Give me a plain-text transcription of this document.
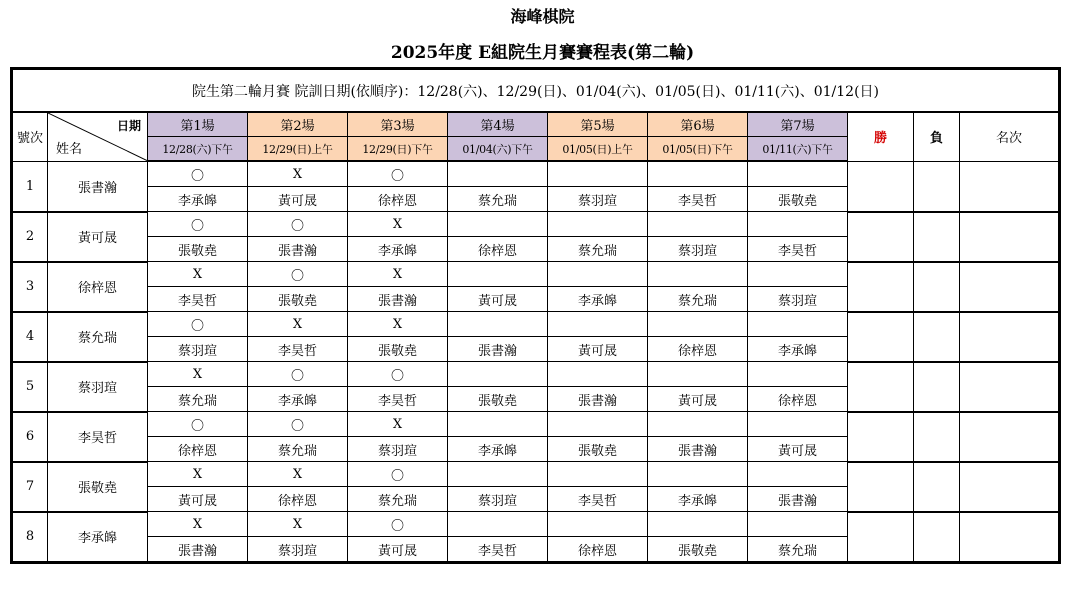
海峰棋院
2025年度 E組院生月賽賽程表(第二輪)
院生第二輪月賽 院訓日期(依順序)：12/28(六)、12/29(日)、01/04(六)、01/05(日)、01/11(六)、01/12(日)											
號次	日期
姓名	第1場	第2場	第3場	第4場	第5場	第6場	第7場	勝	負	名次
		12/28(六)下午	12/29(日)上午	12/29(日)下午	01/04(六)下午	01/05(日)上午	01/05(日)下午	01/11(六)下午			
1	張書瀚	〇	X	〇							
		李承皞	黃可晟	徐梓恩	蔡允瑞	蔡羽瑄	李昊哲	張敬堯			
2	黃可晟	〇	〇	X							
		張敬堯	張書瀚	李承皞	徐梓恩	蔡允瑞	蔡羽瑄	李昊哲			
3	徐梓恩	X	〇	X							
		李昊哲	張敬堯	張書瀚	黃可晟	李承皞	蔡允瑞	蔡羽瑄			
4	蔡允瑞	〇	X	X							
		蔡羽瑄	李昊哲	張敬堯	張書瀚	黃可晟	徐梓恩	李承皞			
5	蔡羽瑄	X	〇	〇							
		蔡允瑞	李承皞	李昊哲	張敬堯	張書瀚	黃可晟	徐梓恩			
6	李昊哲	〇	〇	X							
		徐梓恩	蔡允瑞	蔡羽瑄	李承皞	張敬堯	張書瀚	黃可晟			
7	張敬堯	X	X	〇							
		黃可晟	徐梓恩	蔡允瑞	蔡羽瑄	李昊哲	李承皞	張書瀚			
8	李承皞	X	X	〇							
		張書瀚	蔡羽瑄	黃可晟	李昊哲	徐梓恩	張敬堯	蔡允瑞			
